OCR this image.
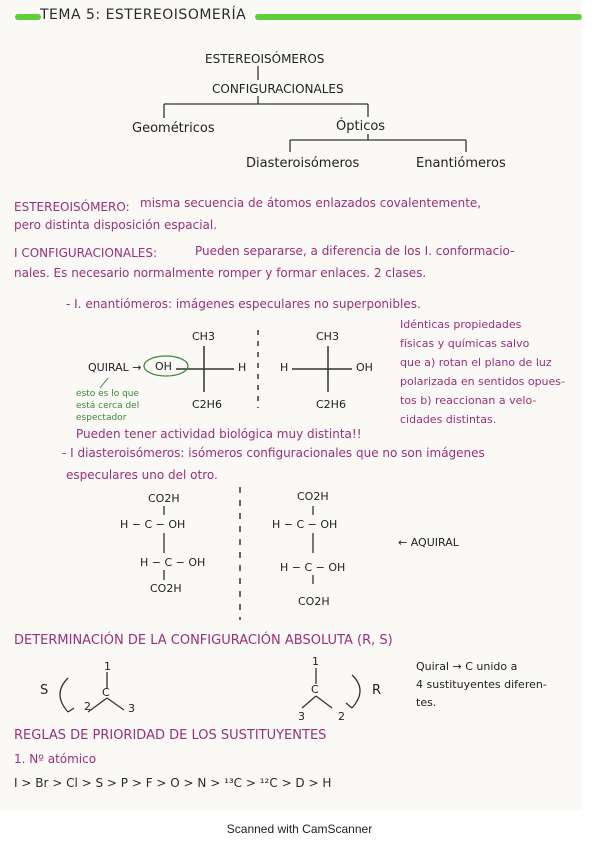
TEMA 5: ESTEREOISOMERÍA
ESTEREOISÓMEROS
CONFIGURACIONALES
Geométricos	Ópticos
Diasteroisómeros	Enantiómeros
ESTEREOISÓMERO: misma secuencia de átomos enlazados covalentemente,
pero distinta disposición espacial.
I CONFIGURACIONALES:	Pueden separarse, a diferencia de los I. conformacio-
nales. Es necesario normalmente romper y formar enlaces. 2 clases.
- I. enantiómeros: imágenes especulares no superponibles.
Idénticas propiedades
físicas y químicas salvo
que a) rotan el plano de luz
polarizada en sentidos opues-
tos b) reaccionan a velo-
cidades distintas.
CH3	CH3
QUIRAL → OH	H	H	OH
C2H6	C2H6
esto es lo que
está cerca del
espectador
Pueden tener actividad biológica muy distinta!!
- I diasteroisómeros: isómeros configuracionales que no son imágenes
especulares uno del otro.
CO2H	CO2H
H − C − OH	H − C − OH
← AQUIRAL
H − C − OH	H − C − OH
CO2H
CO2H
DETERMINACIÓN DE LA CONFIGURACIÓN ABSOLUTA (R, S)
1
S	C
2	3
1
C
3	2
R
Quiral → C unido a
4 sustituyentes diferen-
tes.
REGLAS DE PRIORIDAD DE LOS SUSTITUYENTES
1. Nº atómico
I > Br > Cl > S > P > F > O > N > ¹³C > ¹²C > D > H
Scanned with CamScanner
